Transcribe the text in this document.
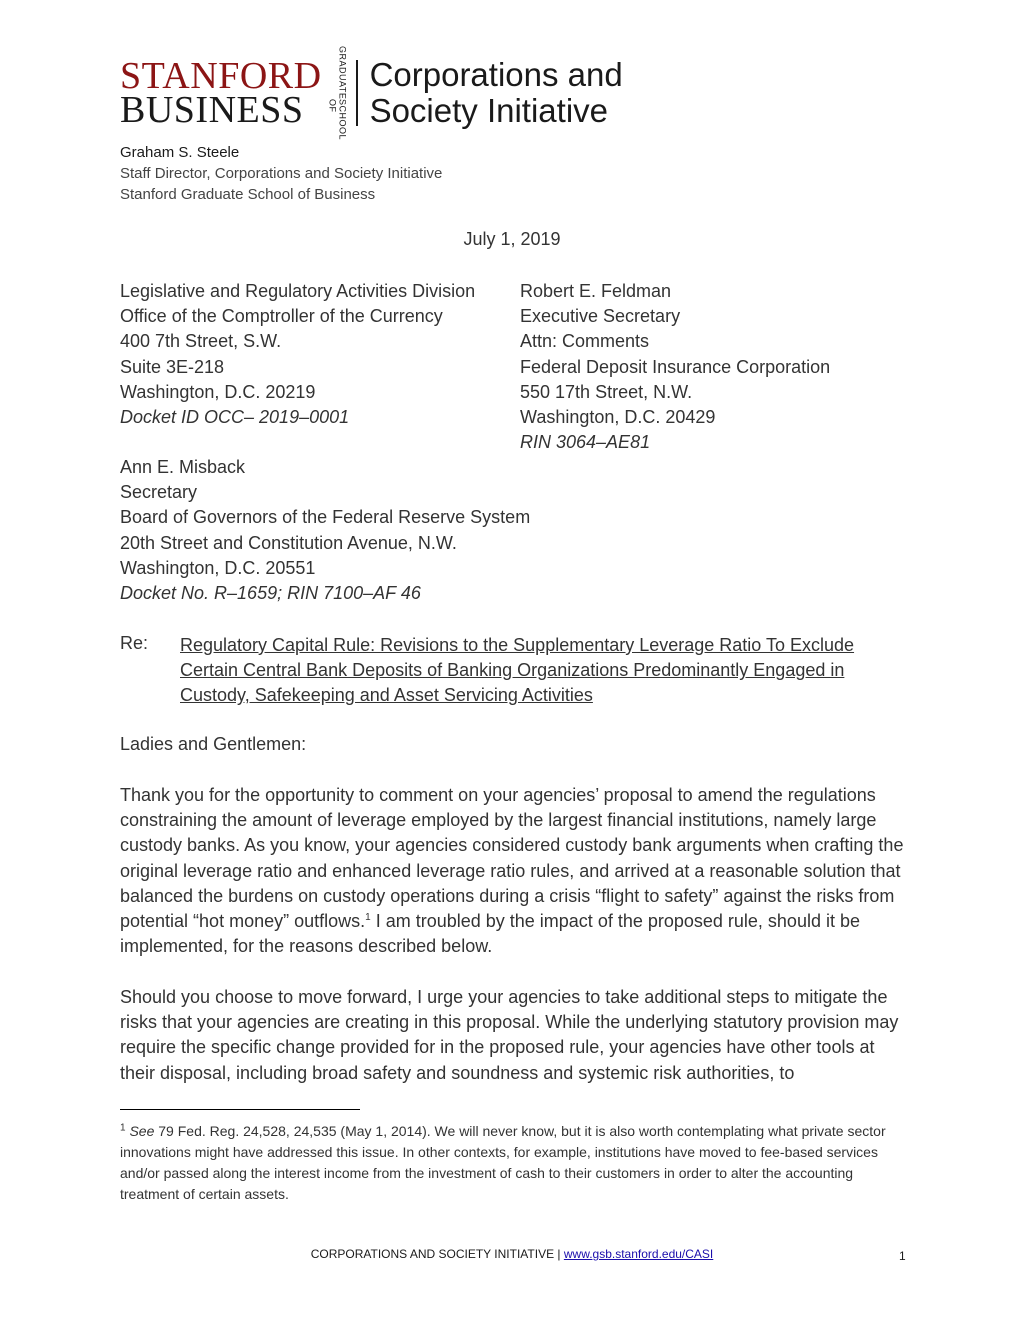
STANFORD
BUSINESS
GRADUATE
SCHOOL OF
Corporations and
Society Initiative
Graham S. Steele
Staff Director, Corporations and Society Initiative
Stanford Graduate School of Business
July 1, 2019
Legislative and Regulatory Activities Division
Office of the Comptroller of the Currency
400 7th Street, S.W.
Suite 3E-218
Washington, D.C. 20219
Docket ID OCC– 2019–0001
Robert E. Feldman
Executive Secretary
Attn: Comments
Federal Deposit Insurance Corporation
550 17th Street, N.W.
Washington, D.C. 20429
RIN 3064–AE81
Ann E. Misback
Secretary
Board of Governors of the Federal Reserve System
20th Street and Constitution Avenue, N.W.
Washington, D.C. 20551
Docket No. R–1659; RIN 7100–AF 46
Re: Regulatory Capital Rule: Revisions to the Supplementary Leverage Ratio To Exclude Certain Central Bank Deposits of Banking Organizations Predominantly Engaged in Custody, Safekeeping and Asset Servicing Activities
Ladies and Gentlemen:

Thank you for the opportunity to comment on your agencies’ proposal to amend the regulations constraining the amount of leverage employed by the largest financial institutions, namely large custody banks. As you know, your agencies considered custody bank arguments when crafting the original leverage ratio and enhanced leverage ratio rules, and arrived at a reasonable solution that balanced the burdens on custody operations during a crisis “flight to safety” against the risks from potential “hot money” outflows.$^1$ I am troubled by the impact of the proposed rule, should it be implemented, for the reasons described below.

Should you choose to move forward, I urge your agencies to take additional steps to mitigate the risks that your agencies are creating in this proposal. While the underlying statutory provision may require the specific change provided for in the proposed rule, your agencies have other tools at their disposal, including broad safety and soundness and systemic risk authorities, to

$^1$ See 79 Fed. Reg. 24,528, 24,535 (May 1, 2014). We will never know, but it is also worth contemplating what private sector innovations might have addressed this issue. In other contexts, for example, institutions have moved to fee-based services and/or passed along the interest income from the investment of cash to their customers in order to alter the accounting treatment of certain assets.

CORPORATIONS AND SOCIETY INITIATIVE | www.gsb.stanford.edu/CASI	1
